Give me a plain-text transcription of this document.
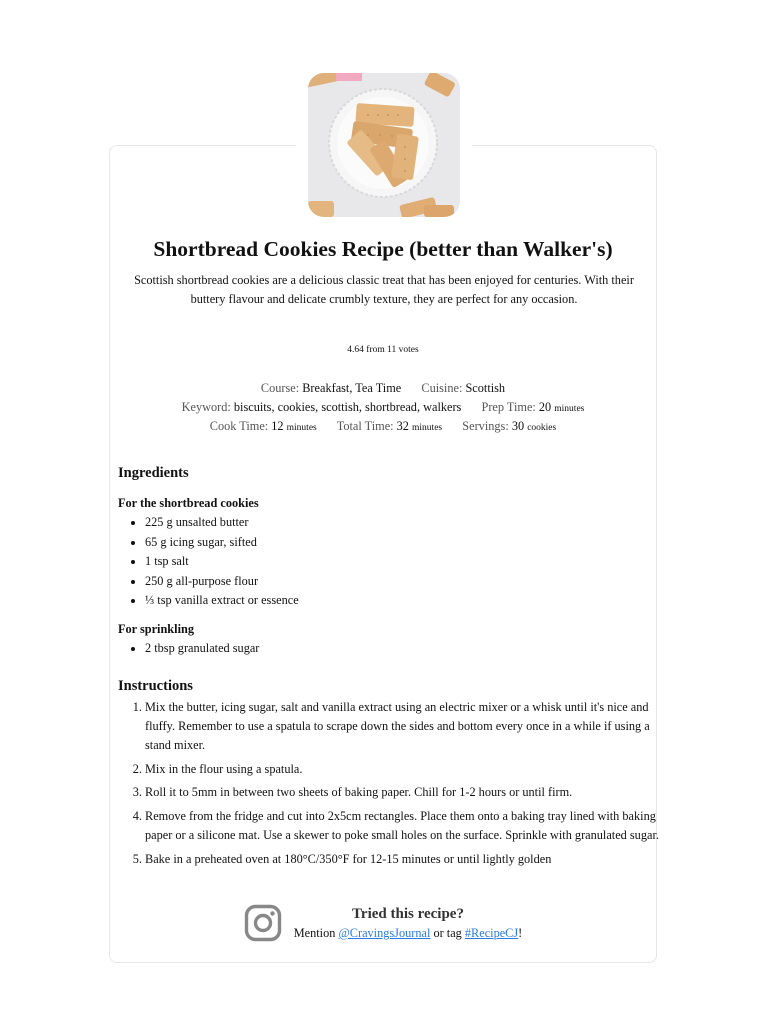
Shortbread Cookies Recipe (better than Walker's)

Scottish shortbread cookies are a delicious classic treat that has been enjoyed for centuries. With their buttery flavour and delicate crumbly texture, they are perfect for any occasion.

4.64 from 11 votes
Course: Breakfast, Tea Time Cuisine: Scottish
Keyword: biscuits, cookies, scottish, shortbread, walkers Prep Time: 20 minutes
Cook Time: 12 minutes Total Time: 32 minutes Servings: 30 cookies
Ingredients
For the shortbread cookies
• 225 g unsalted butter
• 65 g icing sugar, sifted
• 1 tsp salt
• 250 g all-purpose flour
• ⅓ tsp vanilla extract or essence
For sprinkling
• 2 tbsp granulated sugar
Instructions
1. Mix the butter, icing sugar, salt and vanilla extract using an electric mixer or a whisk until it's nice and fluffy. Remember to use a spatula to scrape down the sides and bottom every once in a while if using a stand mixer.
2. Mix in the flour using a spatula.
3. Roll it to 5mm in between two sheets of baking paper. Chill for 1-2 hours or until firm.
4. Remove from the fridge and cut into 2x5cm rectangles. Place them onto a baking tray lined with baking paper or a silicone mat. Use a skewer to poke small holes on the surface. Sprinkle with granulated sugar.
5. Bake in a preheated oven at 180°C/350°F for 12-15 minutes or until lightly golden
Tried this recipe?
Mention @CravingsJournal or tag #RecipeCJ!
